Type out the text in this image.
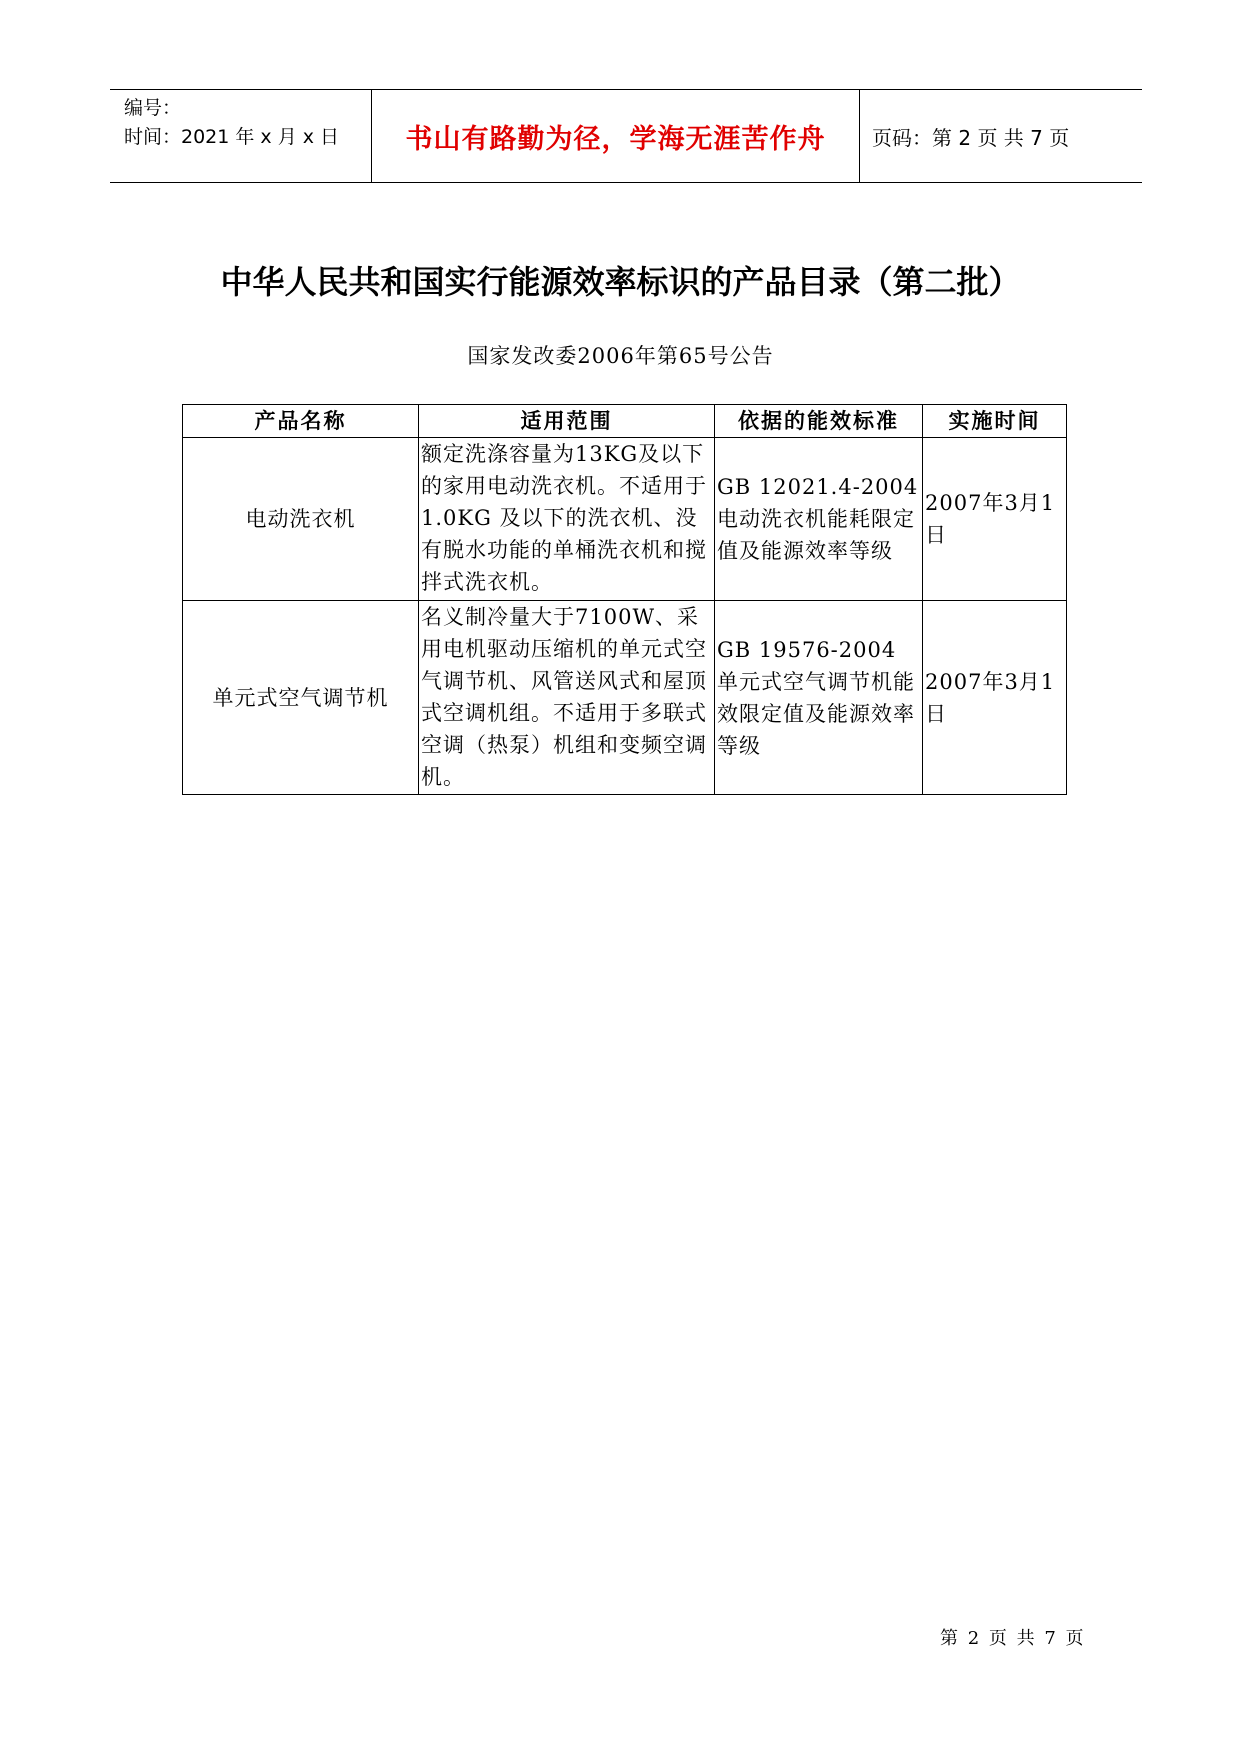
编号：
时间：2021 年 x 月 x 日	书山有路勤为径，学海无涯苦作舟 页码：第 2 页 共 7 页
中华人民共和国实行能源效率标识的产品目录（第二批）
国家发改委2006年第65号公告
产品名称	适用范围	依据的能效标准	实施时间
电动洗衣机	额定洗涤容量为13KG及以下的家用电动洗衣机。不适用于1.0KG 及以下的洗衣机、没有脱水功能的单桶洗衣机和搅拌式洗衣机。	GB 12021.4-2004 电动洗衣机能耗限定值及能源效率等级	2007年3月1日
单元式空气调节机	名义制冷量大于7100W、采用电机驱动压缩机的单元式空气调节机、风管送风式和屋顶式空调机组。不适用于多联式空调（热泵）机组和变频空调机。	GB 19576-2004 单元式空气调节机能效限定值及能源效率等级	2007年3月1日
第 2 页 共 7 页
